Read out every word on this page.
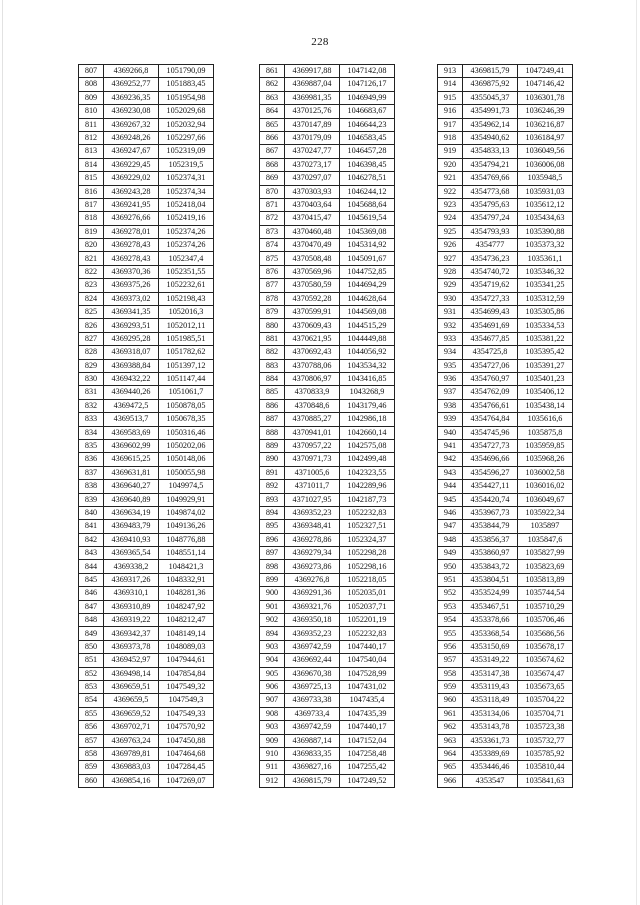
228
807	4369266,8	1051790,09
808	4369252,77	1051883,45
809	4369236,35	1051954,98
810	4369230,08	1052029,68
811	4369267,32	1052032,94
812	4369248,26	1052297,66
813	4369247,67	1052319,09
814	4369229,45	1052319,5
815	4369229,02	1052374,31
816	4369243,28	1052374,34
817	4369241,95	1052418,04
818	4369276,66	1052419,16
819	4369278,01	1052374,26
820	4369278,43	1052374,26
821	4369278,43	1052347,4
822	4369370,36	1052351,55
823	4369375,26	1052232,61
824	4369373,02	1052198,43
825	4369341,35	1052016,3
826	4369293,51	1052012,11
827	4369295,28	1051985,51
828	4369318,07	1051782,62
829	4369388,84	1051397,12
830	4369432,22	1051147,44
831	4369440,26	1051061,7
832	4369472,5	1050878,05
833	4369513,7	1050678,35
834	4369583,69	1050316,46
835	4369602,99	1050202,06
836	4369615,25	1050148,06
837	4369631,81	1050055,98
838	4369640,27	1049974,5
839	4369640,89	1049929,91
840	4369634,19	1049874,02
841	4369483,79	1049136,26
842	4369410,93	1048776,88
843	4369365,54	1048551,14
844	4369338,2	1048421,3
845	4369317,26	1048332,91
846	4369310,1	1048281,36
847	4369310,89	1048247,92
848	4369319,22	1048212,47
849	4369342,37	1048149,14
850	4369373,78	1048089,03
851	4369452,97	1047944,61
852	4369498,14	1047854,84
853	4369659,51	1047549,32
854	4369659,5	1047549,3
855	4369659,52	1047549,33
856	4369702,71	1047570,92
857	4369763,24	1047450,88
858	4369789,81	1047464,68
859	4369883,03	1047284,45
860	4369854,16	1047269,07
861	4369917,88	1047142,08
862	4369887,04	1047126,17
863	4369981,35	1046949,99
864	4370125,76	1046683,67
865	4370147,89	1046644,23
866	4370179,09	1046583,45
867	4370247,77	1046457,28
868	4370273,17	1046398,45
869	4370297,07	1046278,51
870	4370303,93	1046244,12
871	4370403,64	1045688,64
872	4370415,47	1045619,54
873	4370460,48	1045369,08
874	4370470,49	1045314,92
875	4370508,48	1045091,67
876	4370569,96	1044752,85
877	4370580,59	1044694,29
878	4370592,28	1044628,64
879	4370599,91	1044569,08
880	4370609,43	1044515,29
881	4370621,95	1044449,88
882	4370692,43	1044056,92
883	4370788,06	1043534,32
884	4370806,97	1043416,85
885	4370833,9	1043268,9
886	4370848,6	1043179,46
887	4370885,27	1042986,18
888	4370941,01	1042660,14
889	4370957,22	1042575,08
890	4370971,73	1042499,48
891	4371005,6	1042323,55
892	4371011,7	1042289,96
893	4371027,95	1042187,73
894	4369352,23	1052232,83
895	4369348,41	1052327,51
896	4369278,86	1052324,37
897	4369279,34	1052298,28
898	4369273,86	1052298,16
899	4369276,8	1052218,05
900	4369291,36	1052035,01
901	4369321,76	1052037,71
902	4369350,18	1052201,19
894	4369352,23	1052232,83
903	4369742,59	1047440,17
904	4369692,44	1047540,04
905	4369670,38	1047528,99
906	4369725,13	1047431,02
907	4369733,38	1047435,4
908	4369733,4	1047435,39
903	4369742,59	1047440,17
909	4369887,14	1047152,04
910	4369833,35	1047258,48
911	4369827,16	1047255,42
912	4369815,79	1047249,52
913	4369815,79	1047249,41
914	4369875,92	1047146,42
915	4355045,37	1036301,78
916	4354991,73	1036246,39
917	4354962,14	1036216,87
918	4354940,62	1036184,97
919	4354833,13	1036049,56
920	4354794,21	1036006,08
921	4354769,66	1035948,5
922	4354773,68	1035931,03
923	4354795,63	1035612,12
924	4354797,24	1035434,63
925	4354793,93	1035390,88
926	4354777	1035373,32
927	4354736,23	1035361,1
928	4354740,72	1035346,32
929	4354719,62	1035341,25
930	4354727,33	1035312,59
931	4354699,43	1035305,86
932	4354691,69	1035334,53
933	4354677,85	1035381,22
934	4354725,8	1035395,42
935	4354727,06	1035391,27
936	4354760,97	1035401,23
937	4354762,09	1035406,12
938	4354766,61	1035438,14
939	4354764,84	1035616,6
940	4354745,96	1035875,8
941	4354727,73	1035959,85
942	4354696,66	1035968,26
943	4354596,27	1036002,58
944	4354427,11	1036016,02
945	4354420,74	1036049,67
946	4353967,73	1035922,34
947	4353844,79	1035897
948	4353856,37	1035847,6
949	4353860,97	1035827,99
950	4353843,72	1035823,69
951	4353804,51	1035813,89
952	4353524,99	1035744,54
953	4353467,51	1035710,29
954	4353378,66	1035706,46
955	4353368,54	1035686,56
956	4353150,69	1035678,17
957	4353149,22	1035674,62
958	4353147,38	1035674,47
959	4353119,43	1035673,65
960	4353118,49	1035704,22
961	4353134,06	1035704,71
962	4353143,78	1035723,38
963	4353361,73	1035732,77
964	4353389,69	1035785,92
965	4353446,46	1035810,44
966	4353547	1035841,63
